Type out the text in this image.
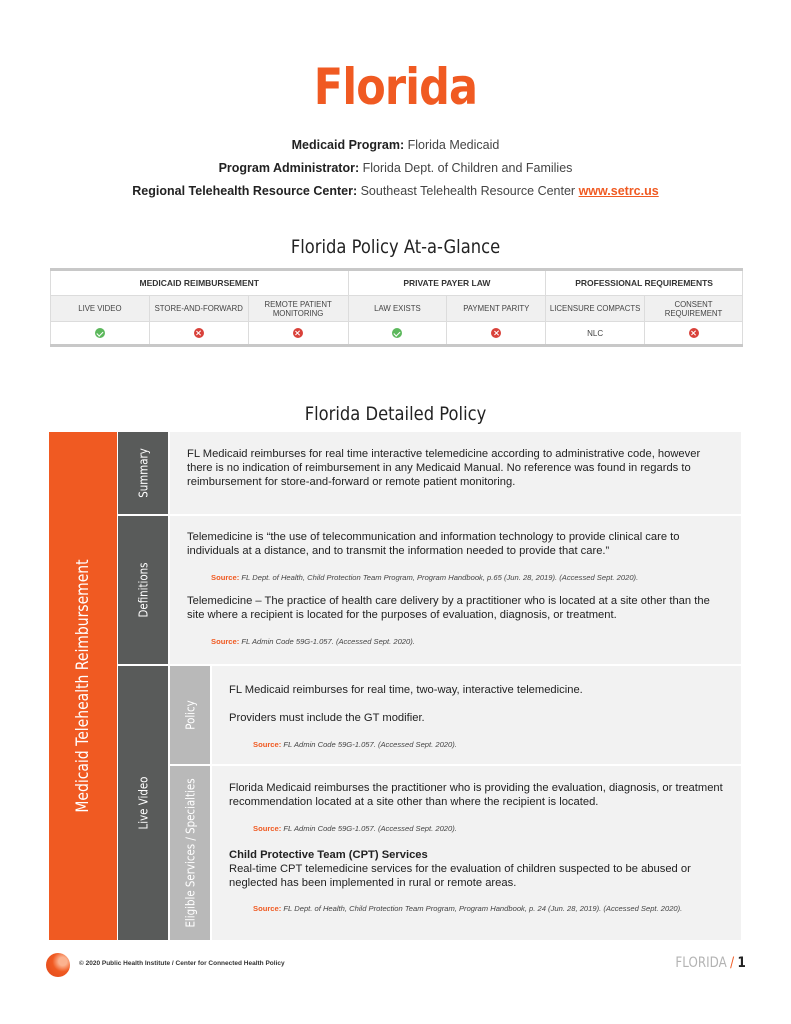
Florida
Medicaid Program: Florida Medicaid
Program Administrator: Florida Dept. of Children and Families
Regional Telehealth Resource Center: Southeast Telehealth Resource Center www.setrc.us
Florida Policy At-a-Glance
MEDICAID REIMBURSEMENT			PRIVATE PAYER LAW		PROFESSIONAL REQUIREMENTS	
LIVE VIDEO	STORE-AND-FORWARD	REMOTE PATIENT MONITORING	LAW EXISTS	PAYMENT PARITY	LICENSURE COMPACTS	CONSENT REQUIREMENT
					NLC	
Florida Detailed Policy
Medicaid Telehealth Reimbursement
Summary	FL Medicaid reimburses for real time interactive telemedicine according to administrative code, however there is no indication of reimbursement in any Medicaid Manual. No reference was found in regards to reimbursement for store-and-forward or remote patient monitoring.
Definitions
Telemedicine is “the use of telecommunication and information technology to provide clinical care to individuals at a distance, and to transmit the information needed to provide that care.”
Source: FL Dept. of Health, Child Protection Team Program, Program Handbook, p.65 (Jun. 28, 2019). (Accessed Sept. 2020).
Telemedicine – The practice of health care delivery by a practitioner who is located at a site other than the site where a recipient is located for the purposes of evaluation, diagnosis, or treatment.
Source: FL Admin Code 59G-1.057. (Accessed Sept. 2020).
Live Video
Policy
FL Medicaid reimburses for real time, two-way, interactive telemedicine.
Providers must include the GT modifier.
Source: FL Admin Code 59G-1.057. (Accessed Sept. 2020).
Eligible Services / Specialties	Florida Medicaid reimburses the practitioner who is providing the evaluation, diagnosis, or treatment recommendation located at a site other than where the recipient is located.
Source: FL Admin Code 59G-1.057. (Accessed Sept. 2020).
Child Protective Team (CPT) Services
Real-time CPT telemedicine services for the evaluation of children suspected to be abused or neglected has been implemented in rural or remote areas.
Source: FL Dept. of Health, Child Protection Team Program, Program Handbook, p. 24 (Jun. 28, 2019). (Accessed Sept. 2020).
© 2020 Public Health Institute / Center for Connected Health Policy	FLORIDA / 1
